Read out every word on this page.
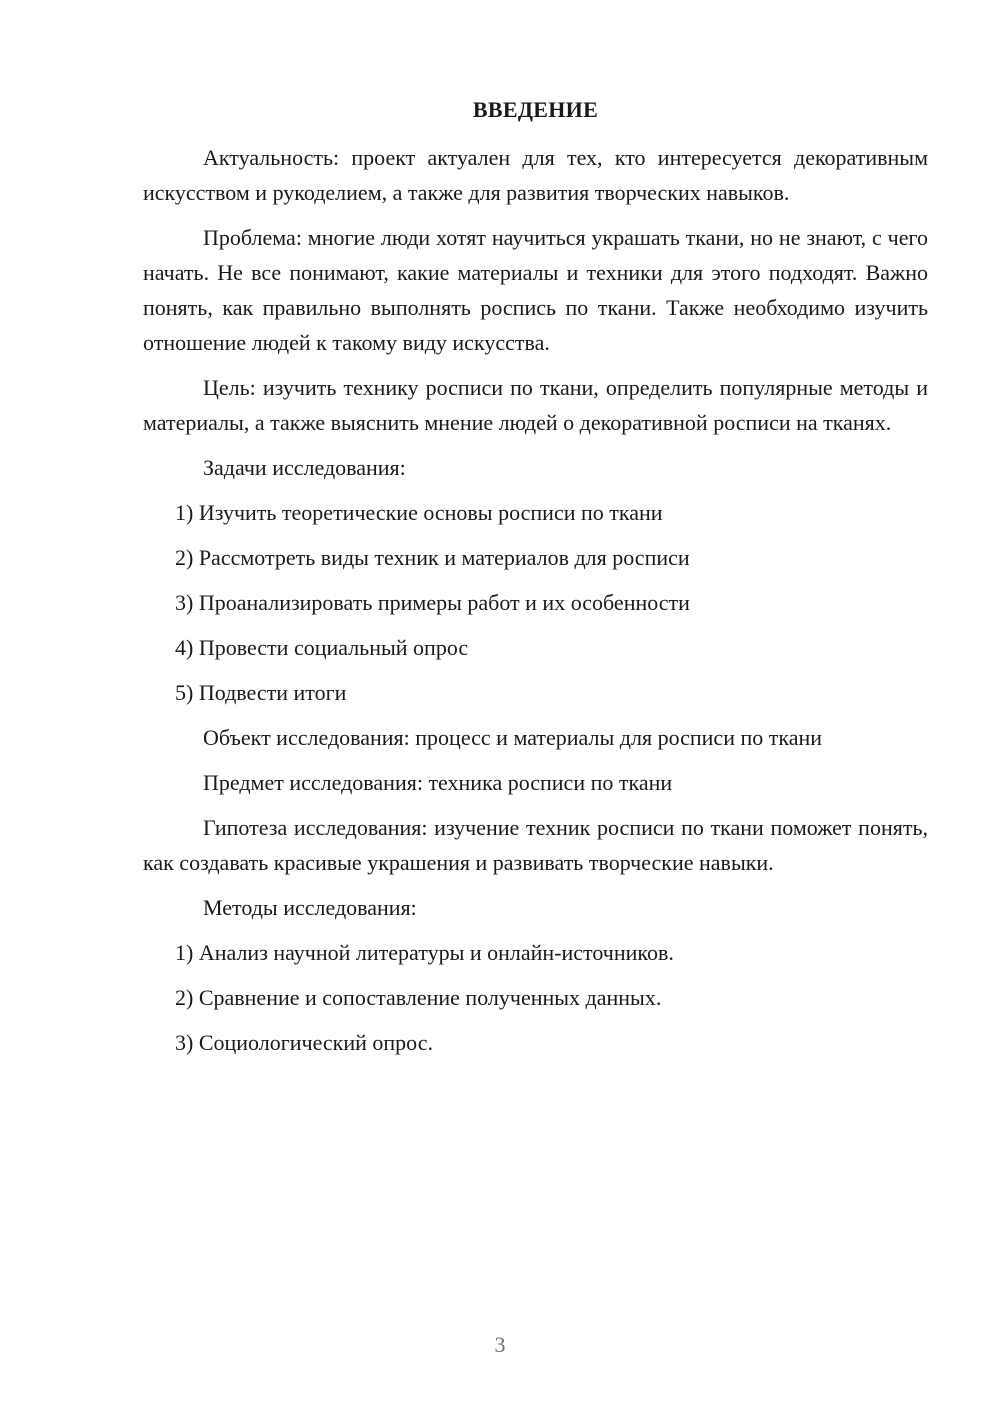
ВВЕДЕНИЕ

Актуальность: проект актуален для тех, кто интересуется декоративным искусством и рукоделием, а также для развития творческих навыков.

Проблема: многие люди хотят научиться украшать ткани, но не знают, с чего начать. Не все понимают, какие материалы и техники для этого подходят. Важно понять, как правильно выполнять роспись по ткани. Также необходимо изучить отношение людей к такому виду искусства.

Цель: изучить технику росписи по ткани, определить популярные методы и материалы, а также выяснить мнение людей о декоративной росписи на тканях.

Задачи исследования:
1) Изучить теоретические основы росписи по ткани
2) Рассмотреть виды техник и материалов для росписи
3) Проанализировать примеры работ и их особенности
4) Провести социальный опрос
5) Подвести итоги
Объект исследования: процесс и материалы для росписи по ткани
Предмет исследования: техника росписи по ткани

Гипотеза исследования: изучение техник росписи по ткани поможет понять, как создавать красивые украшения и развивать творческие навыки.

Методы исследования:
1) Анализ научной литературы и онлайн-источников.
2) Сравнение и сопоставление полученных данных.
3) Социологический опрос.
3
